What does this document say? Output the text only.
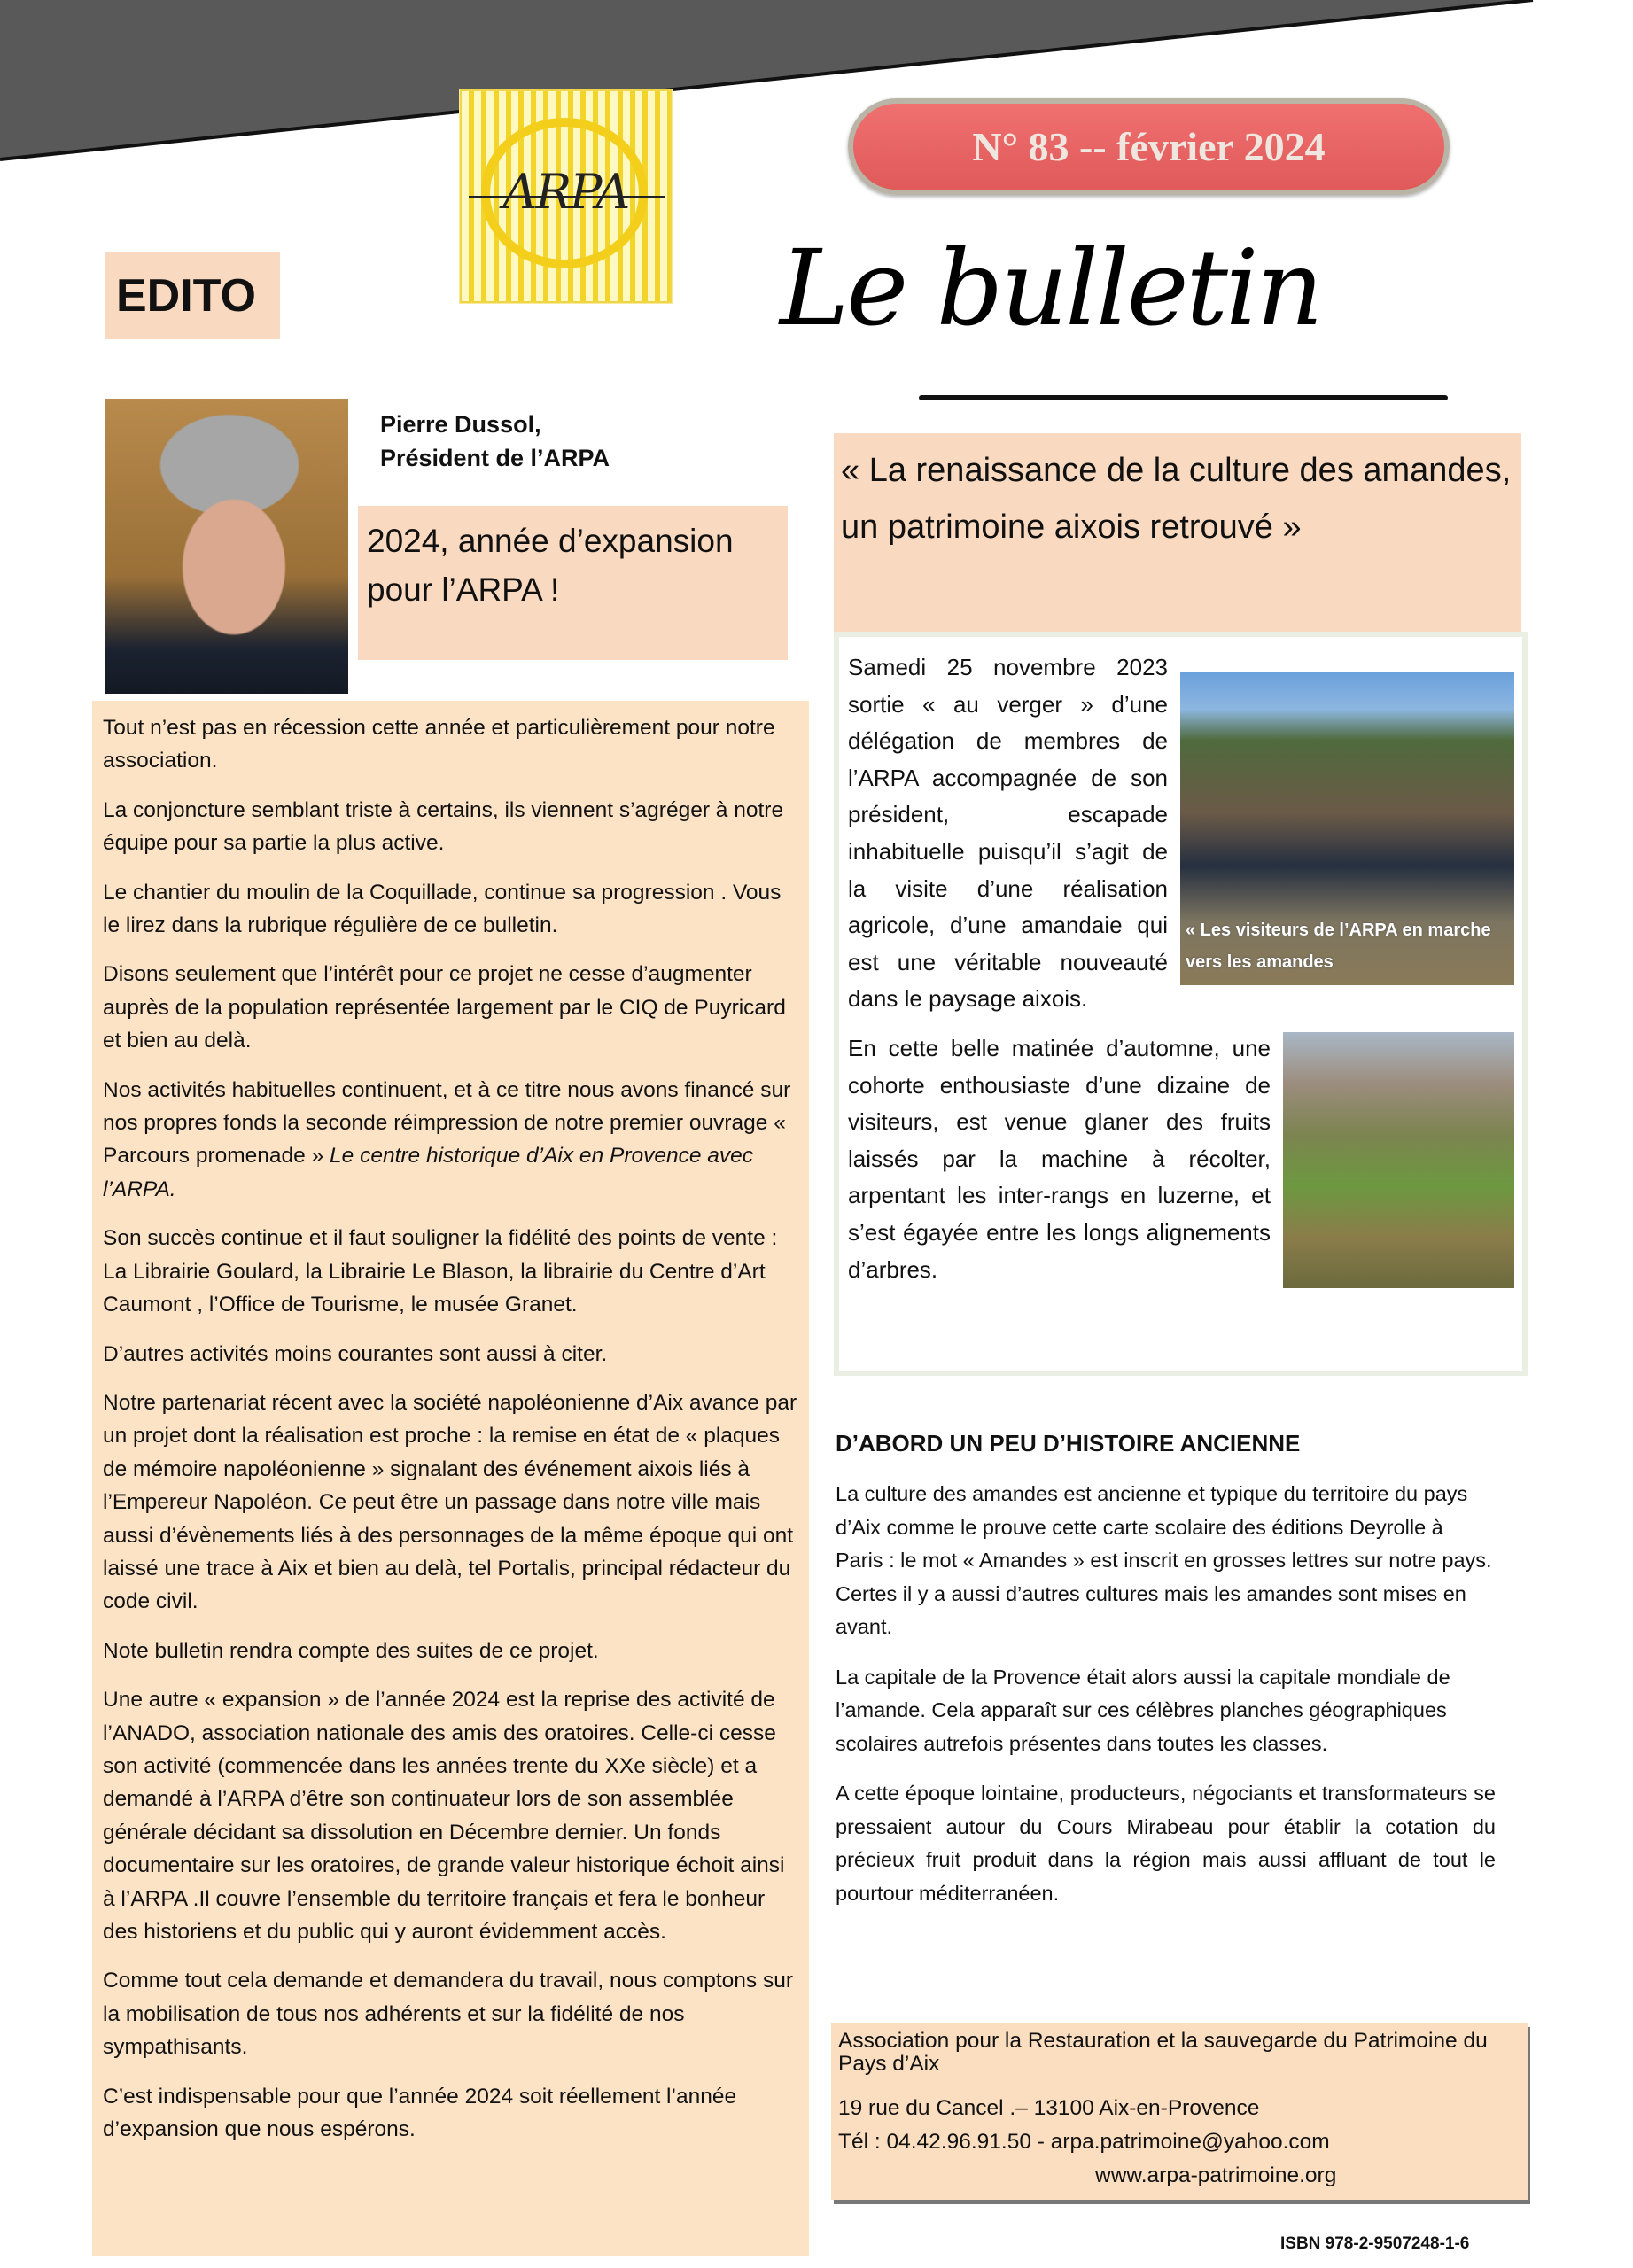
ARPA
N° 83 -- février 2024
Le bulletin
EDITO
Pierre Dussol,
Président de l’ARPA
2024, année d’expansion pour l’ARPA !

Tout n’est pas en récession cette année et particulièrement pour notre association.

La conjoncture semblant triste à certains, ils viennent s’agréger à notre équipe pour sa partie la plus active.

Le chantier du moulin de la Coquillade, continue sa progression . Vous le lirez dans la rubrique régulière de ce bulletin.

Disons seulement que l’intérêt pour ce projet ne cesse d’augmenter auprès de la population représentée largement par le CIQ de Puyricard et bien au delà.

Nos activités habituelles continuent, et à ce titre nous avons financé sur nos propres fonds la seconde réimpression de notre premier ouvrage « Parcours promenade » Le centre historique d’Aix en Provence avec l’ARPA.

Son succès continue et il faut souligner la fidélité des points de vente : La Librairie Goulard, la Librairie Le Blason, la librairie du Centre d’Art Caumont , l’Office de Tourisme, le musée Granet.

D’autres activités moins courantes sont aussi à citer.

Notre partenariat récent avec la société napoléonienne d’Aix avance par un projet dont la réalisation est proche : la remise en état de « plaques de mémoire napoléonienne » signalant des événement aixois liés à l’Empereur Napoléon. Ce peut être un passage dans notre ville mais aussi d’évènements liés à des personnages de la même époque qui ont laissé une trace à Aix et bien au delà, tel Portalis, principal rédacteur du code civil.

Note bulletin rendra compte des suites de ce projet.

Une autre « expansion » de l’année 2024 est la reprise des activité de l’ANADO, association nationale des amis des oratoires. Celle-ci cesse son activité (commencée dans les années trente du XXe siècle) et a demandé à l’ARPA d’être son continuateur lors de son assemblée générale décidant sa dissolution en Décembre dernier. Un fonds documentaire sur les oratoires, de grande valeur historique échoit ainsi à l’ARPA .Il couvre l’ensemble du territoire français et fera le bonheur des historiens et du public qui y auront évidemment accès.

Comme tout cela demande et demandera du travail, nous comptons sur la mobilisation de tous nos adhérents et sur la fidélité de nos sympathisants.

C’est indispensable pour que l’année 2024 soit réellement l’année d’expansion que nous espérons.

« La renaissance de la culture des amandes, un patrimoine aixois retrouvé »
« Les visiteurs de l’ARPA en marche vers les amandes

Samedi 25 novembre 2023 sortie « au verger » d’une délégation de membres de l’ARPA accompagnée de son président, escapade inhabituelle puisqu’il s’agit de la visite d’une réalisation agricole, d’une amandaie qui est une véritable nouveauté dans le paysage aixois.

En cette belle matinée d’automne, une cohorte enthousiaste d’une dizaine de visiteurs, est venue glaner des fruits laissés par la machine à récolter, arpentant les inter-rangs en luzerne, et s’est égayée entre les longs alignements d’arbres.

D’ABORD UN PEU D’HISTOIRE ANCIENNE

La culture des amandes est ancienne et typique du territoire du pays d’Aix comme le prouve cette carte scolaire des éditions Deyrolle à Paris : le mot « Amandes » est inscrit en grosses lettres sur notre pays. Certes il y a aussi d’autres cultures mais les amandes sont mises en avant.

La capitale de la Provence était alors aussi la capitale mondiale de l’amande. Cela apparaît sur ces célèbres planches géographiques scolaires autrefois présentes dans toutes les classes.

A cette époque lointaine, producteurs, négociants et transformateurs se pressaient autour du Cours Mirabeau pour établir la cotation du précieux fruit produit dans la région mais aussi affluant de tout le pourtour méditerranéen.

Association pour la Restauration et la sauvegarde du Patrimoine du Pays d’Aix
19 rue du Cancel .– 13100 Aix-en-Provence
Tél : 04.42.96.91.50 - arpa.patrimoine@yahoo.com
www.arpa-patrimoine.org
ISBN 978-2-9507248-1-6
